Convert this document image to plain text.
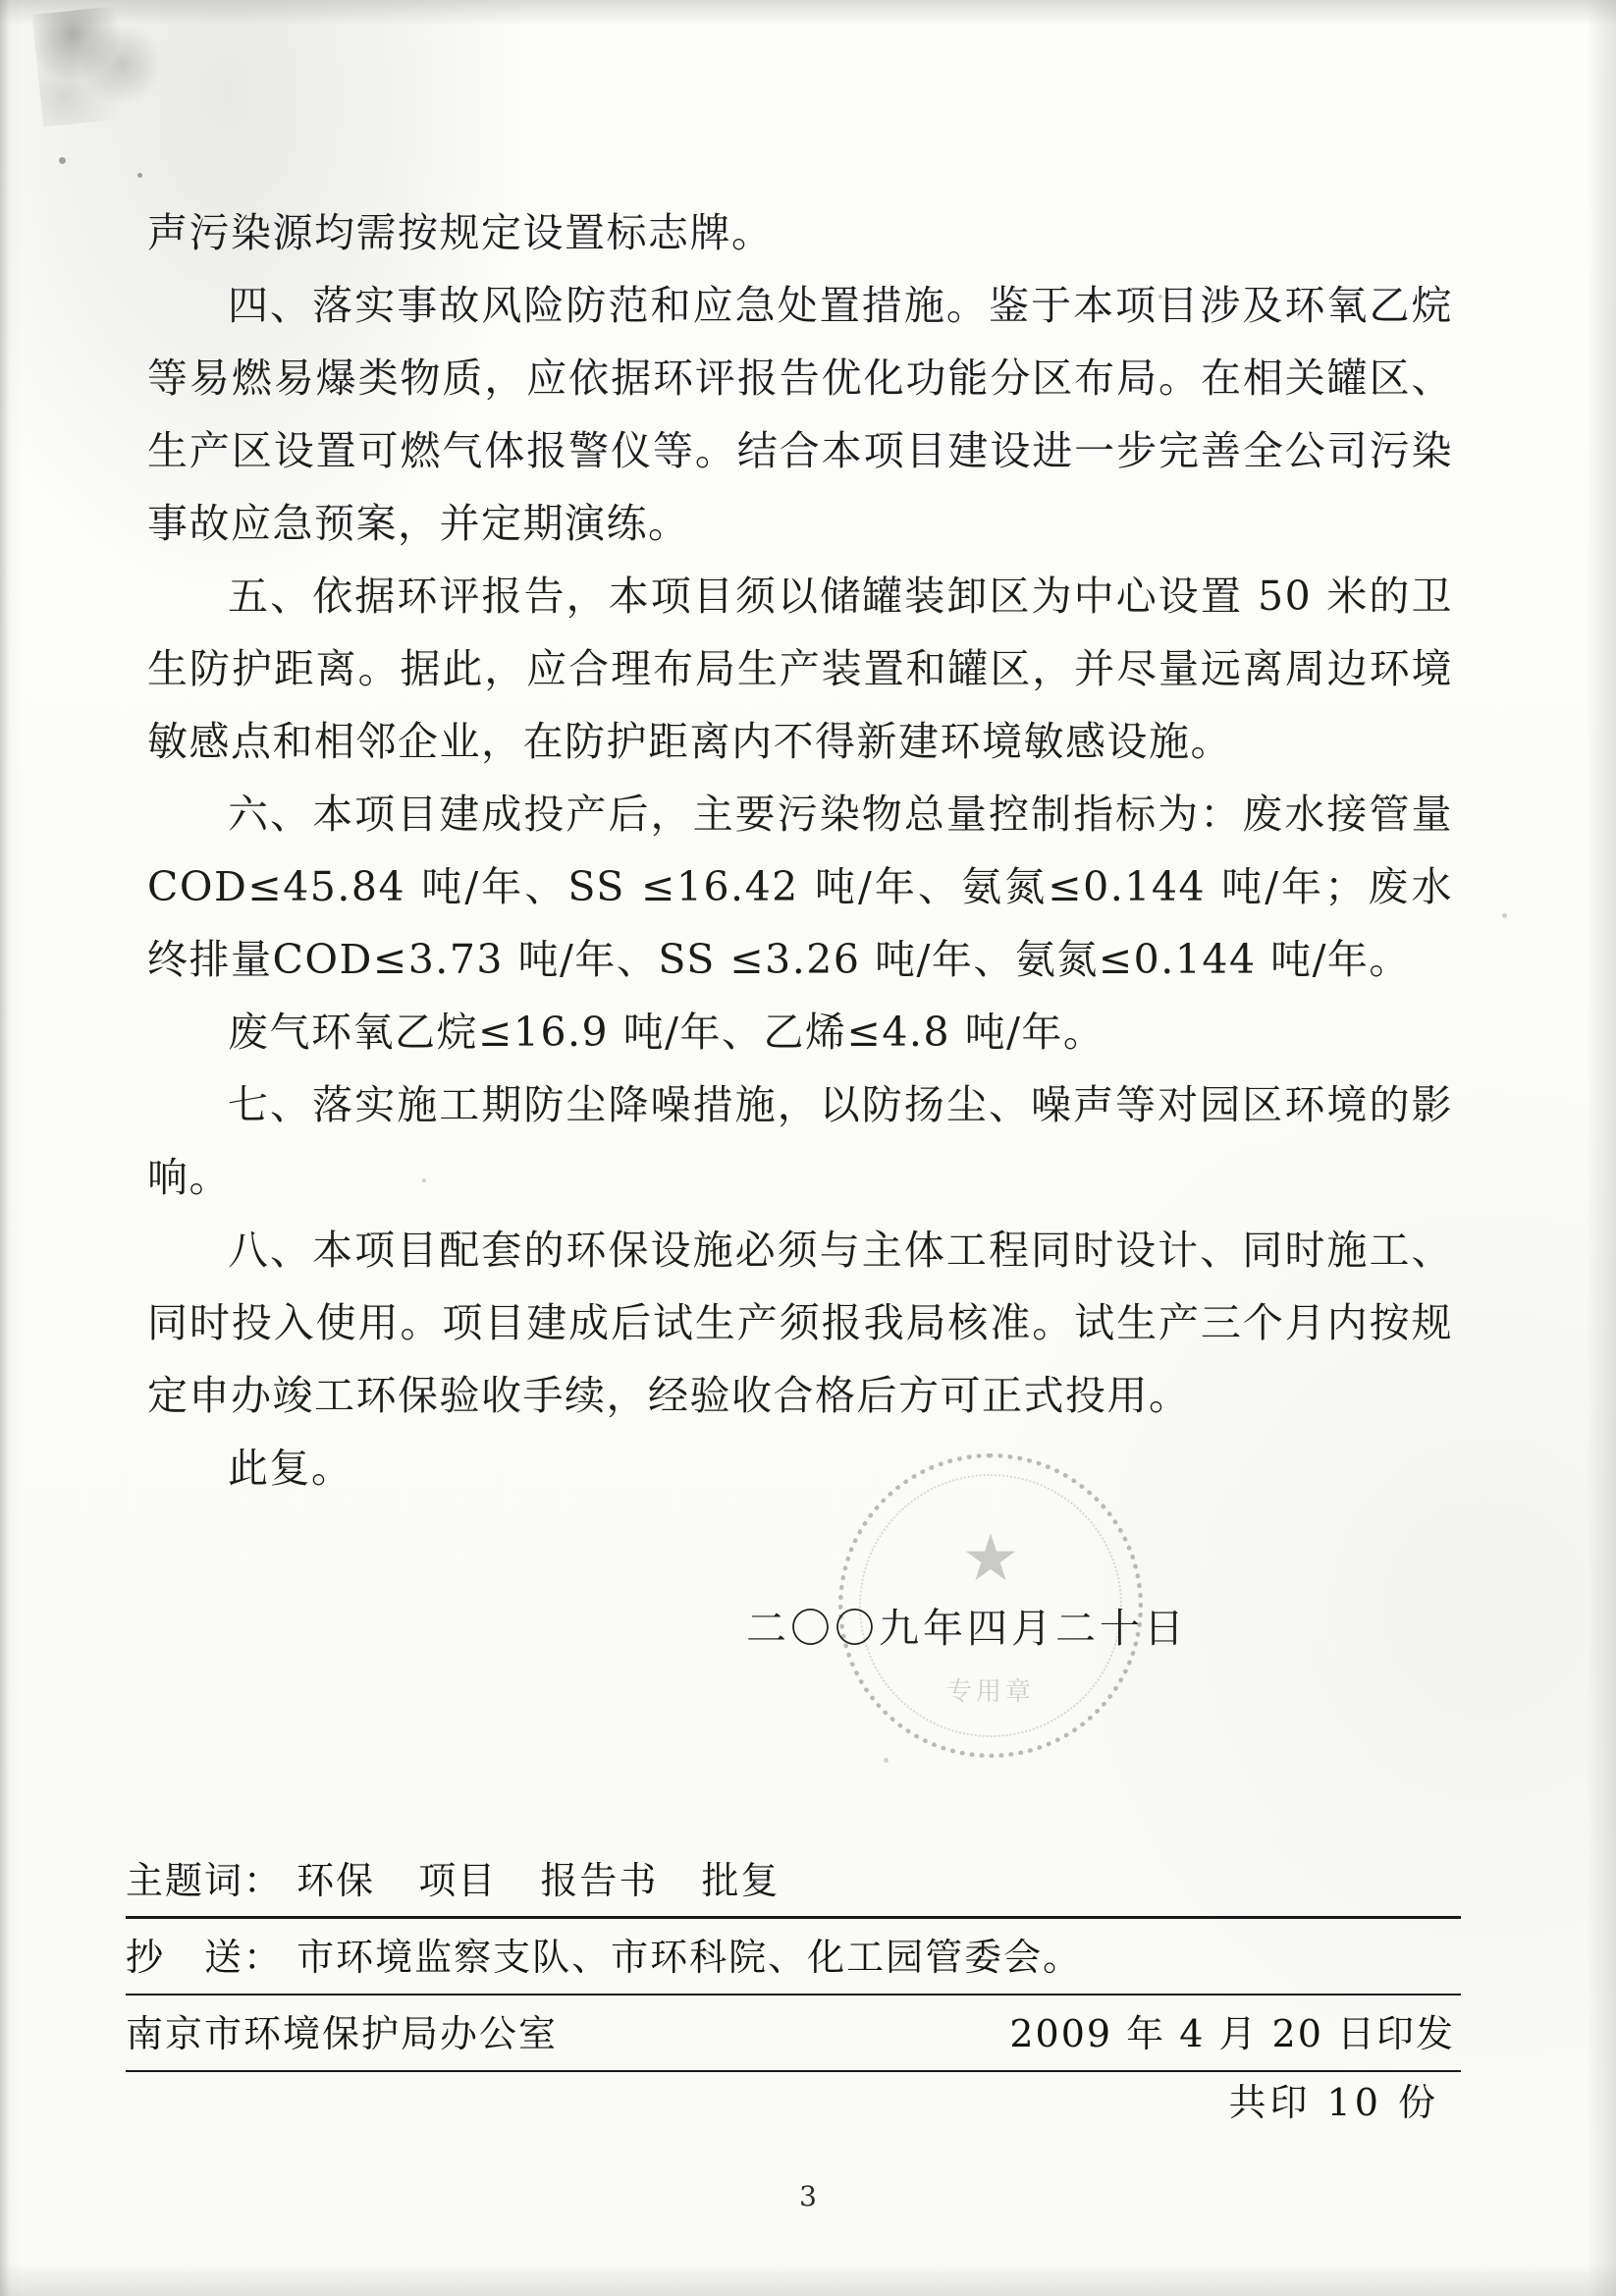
声污染源均需按规定设置标志牌。

四、落实事故风险防范和应急处置措施。鉴于本项目涉及环氧乙烷等易燃易爆类物质，应依据环评报告优化功能分区布局。在相关罐区、生产区设置可燃气体报警仪等。结合本项目建设进一步完善全公司污染事故应急预案，并定期演练。

五、依据环评报告，本项目须以储罐装卸区为中心设置 50 米的卫生防护距离。据此，应合理布局生产装置和罐区，并尽量远离周边环境敏感点和相邻企业，在防护距离内不得新建环境敏感设施。

六、本项目建成投产后，主要污染物总量控制指标为：废水接管量COD≤45.84 吨/年、SS ≤16.42 吨/年、氨氮≤0.144 吨/年；废水终排量COD≤3.73 吨/年、SS ≤3.26 吨/年、氨氮≤0.144 吨/年。

废气环氧乙烷≤16.9 吨/年、乙烯≤4.8 吨/年。

七、落实施工期防尘降噪措施，以防扬尘、噪声等对园区环境的影响。

八、本项目配套的环保设施必须与主体工程同时设计、同时施工、同时投入使用。项目建成后试生产须报我局核准。试生产三个月内按规定申办竣工环保验收手续，经验收合格后方可正式投用。

此复。

★
专用章
二〇〇九年四月二十日
主题词： 环保 项目 报告书 批复
抄　送： 市环境监察支队、市环科院、化工园管委会。
南京市环境保护局办公室	2009 年 4 月 20 日印发
共印 10 份
3
